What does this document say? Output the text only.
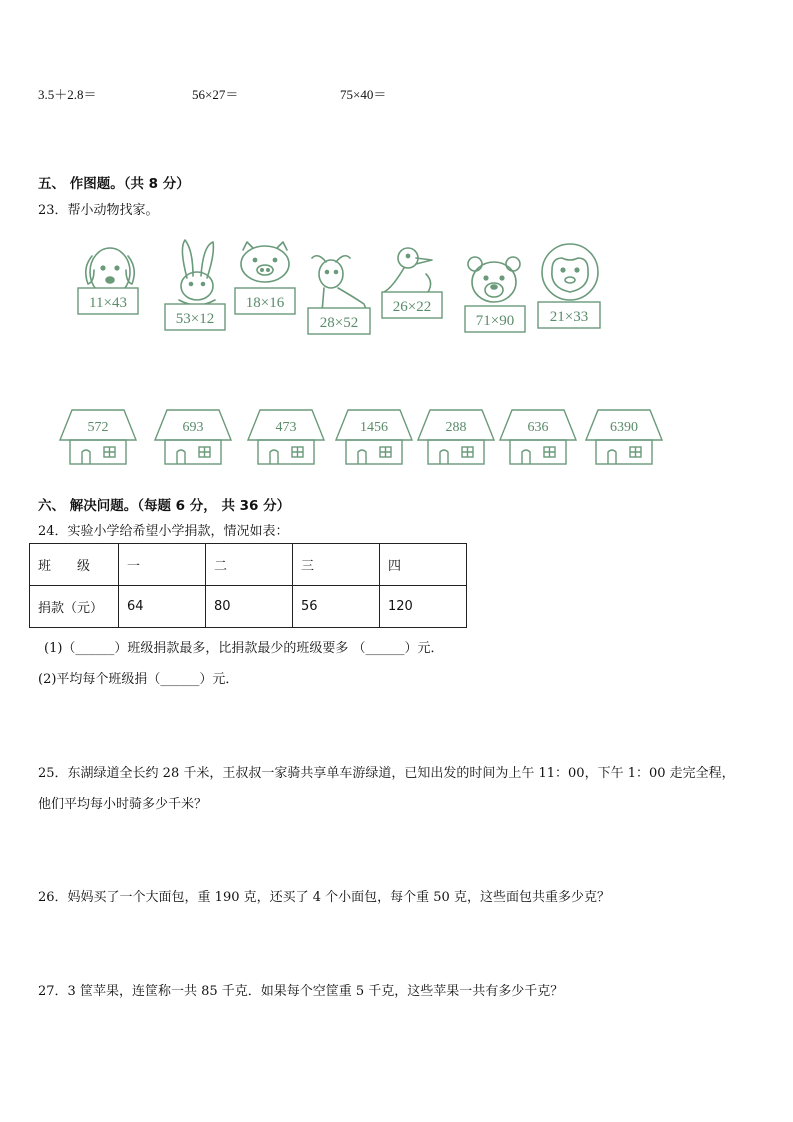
3.5＋2.8＝	56×27＝	75×40＝
五、 作图题。（共 8 分）
23．帮小动物找家。
11×43
53×12
18×16
28×52
26×22
71×90 21×33
572	693	473	1456	288	636	6390
六、 解决问题。（每题 6 分， 共 36 分）
24．实验小学给希望小学捐款，情况如表：
班　　级	一	二	三	四
捐款（元）	64	80	56	120
(1)（______）班级捐款最多，比捐款最少的班级要多 （______）元．
(2)平均每个班级捐（______）元．
25．东湖绿道全长约 28 千米，王叔叔一家骑共享单车游绿道，已知出发的时间为上午 11：00，下午 1：00 走完全程，
他们平均每小时骑多少千米？
26．妈妈买了一个大面包，重 190 克，还买了 4 个小面包，每个重 50 克，这些面包共重多少克？
27．3 筐苹果，连筐称一共 85 千克．如果每个空筐重 5 千克，这些苹果一共有多少千克？
